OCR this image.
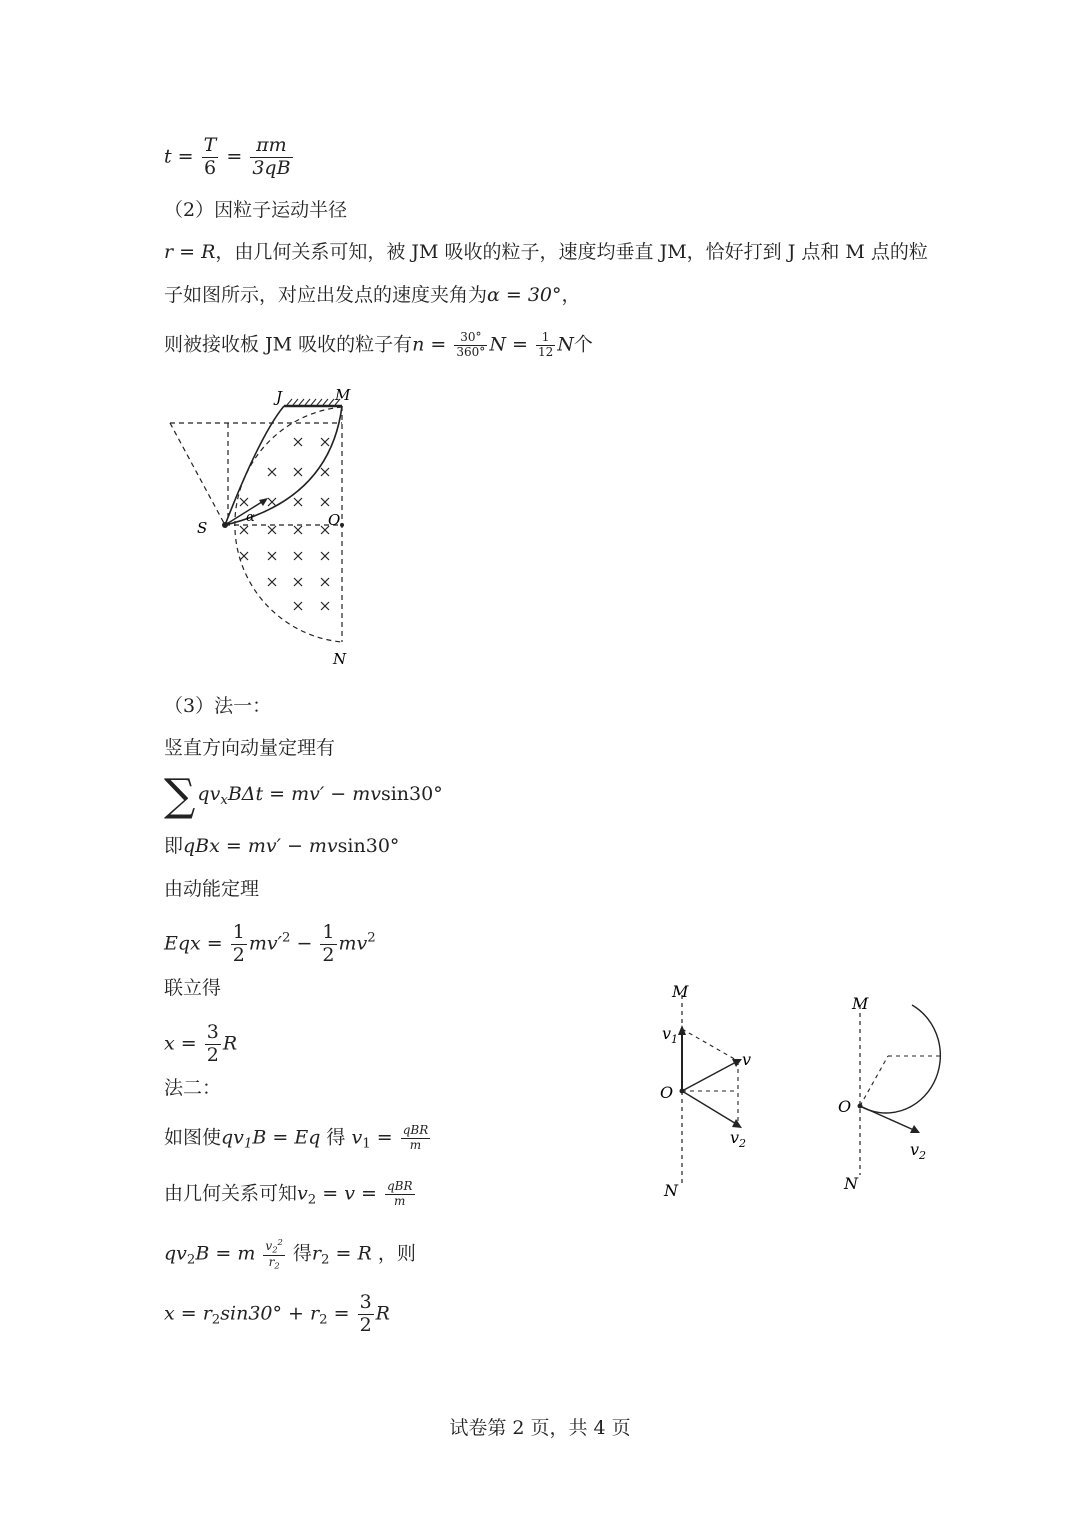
$t = \frac{T}{6} = \frac{\pi m}{3qB}$
（2）因粒子运动半径
r = R，由几何关系可知，被 JM 吸收的粒子，速度均垂直 JM，恰好打到 J 点和 M 点的粒
子如图所示，对应出发点的速度夹角为α = 30°，
则被接收板 JM 吸收的粒子有$n = \frac{30^\circ}{360^\circ}$ $N = \frac{1}{12}$ N个
J	M
S	O
N
α
（3）法一：
竖直方向动量定理有
∑ $qv_xB\Delta t = mv' - mvsin30^\circ$
即qBx = mv′ − mvsin30°
由动能定理
Eqx = $\frac{1}{2} mv'^2 - \frac{1}{2} mv^2$
联立得
$x = \frac{3}{2}$ R
法二：
如图使$qv_1B = Eq$ 得 $v_1 = \frac{\text{qBR}}{m}$
由几何关系可知$v_2 = v = \frac{\text{qBR}}{m}$
$qv_2B = m \frac{v_2^2}{r_2}$ 得$r_2 = R$ ，则
$x = r_2\sin 30^\circ + r_2 = \frac{3}{2}$ R
M
$v_1$
v
O
$v_2$
N
M
O
$v_2$
N
试卷第 2 页，共 4 页
